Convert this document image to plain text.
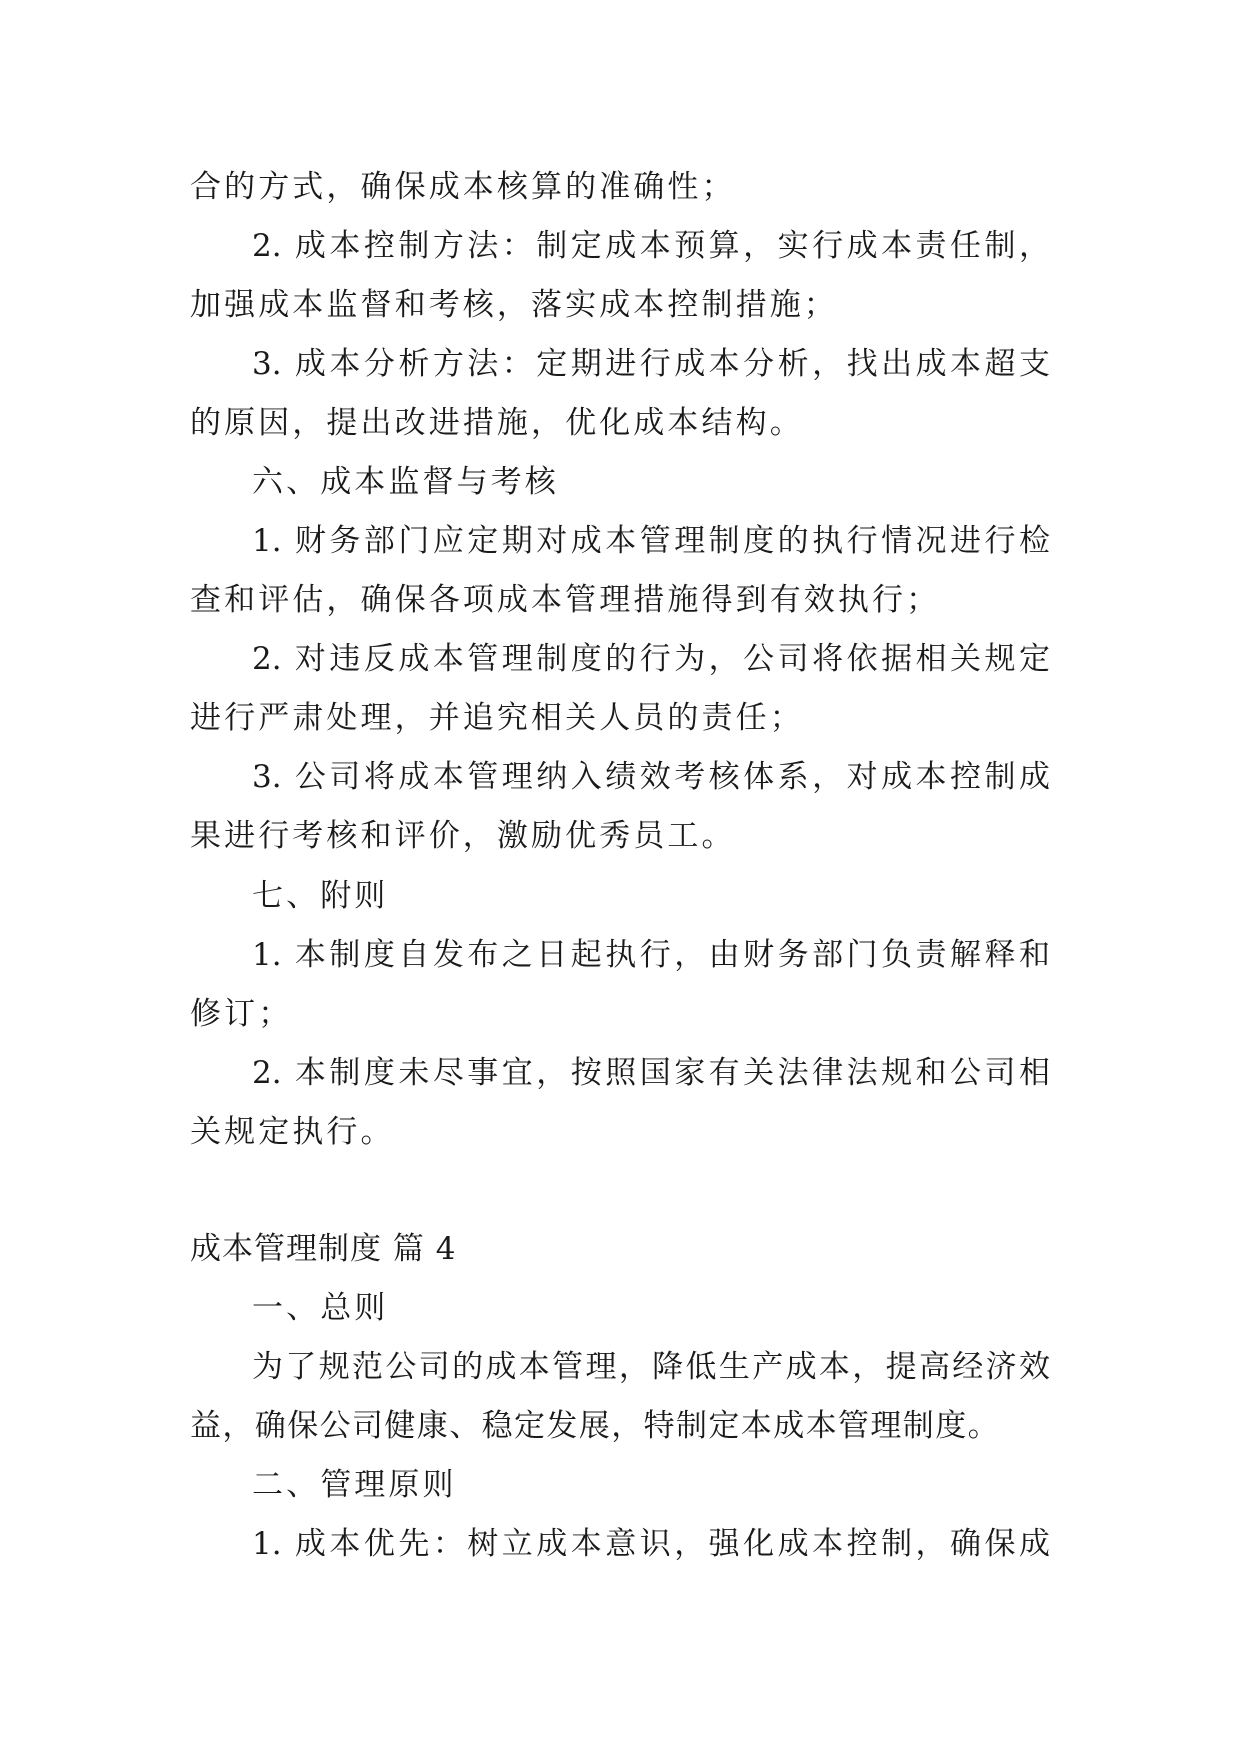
合的方式，确保成本核算的准确性；
2. 成本控制方法：制定成本预算，实行成本责任制，
加强成本监督和考核，落实成本控制措施；
3. 成本分析方法：定期进行成本分析，找出成本超支
的原因，提出改进措施，优化成本结构。
六、成本监督与考核
1. 财务部门应定期对成本管理制度的执行情况进行检
查和评估，确保各项成本管理措施得到有效执行；
2. 对违反成本管理制度的行为，公司将依据相关规定
进行严肃处理，并追究相关人员的责任；
3. 公司将成本管理纳入绩效考核体系，对成本控制成
果进行考核和评价，激励优秀员工。
七、附则
1. 本制度自发布之日起执行，由财务部门负责解释和
修订；
2. 本制度未尽事宜，按照国家有关法律法规和公司相
关规定执行。
成本管理制度 篇 4
一、总则
为了规范公司的成本管理，降低生产成本，提高经济效
益，确保公司健康、稳定发展，特制定本成本管理制度。
二、管理原则
1. 成本优先：树立成本意识，强化成本控制，确保成
